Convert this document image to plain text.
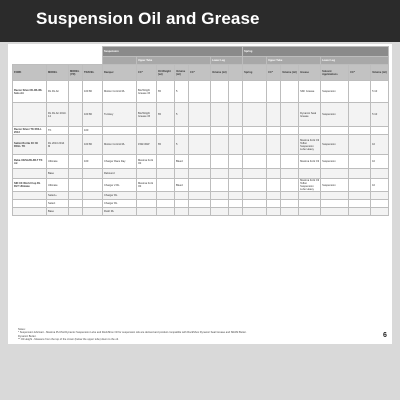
Suspension Oil and Grease
				Suspension							Spring						
					Upper Tube				Lower Leg			Upper Tube			Lower Leg		
FORK	MODEL	MODEL (YR)	TRAVEL	Damper	CC*	Oil Weight (wt)	Volume (ml)	CC*	Volume (ml)		Spring	CC*	Volume (ml)	Grease	Solvent Applications	CC*	Volume (ml)
Recon Silver RL/RL/RL Solo Air	RL RL Air		100 80	Motion Control RL	BoxWright Grease 15	65	5							SKF Grease	Suspension		5 10
	RL RL Air 2013-14		100 80	Turnkey	BoxWright Grease 15	65	5							Dynamic Seal Grease	Suspension		5 10
Recon Silver TK ROLL 2013	TK		100														
Sektor/Fortia XC 30 ROLL TK	RL 2013 2014 M		100 80	Motion Control RL	15W-30W	65	5							Maxima Fork Oil Teflon Suspension Lube Heavy	Suspension		10
Reba XX/SL/RL/RLT TK Air	Ultimate		100	Charger Race Day	Maxima Fork Oil		Bleed							Maxima Fork Oil	Suspension		10
	Base			Rebound													
SID XX World Cup RL RLT Ultimate	Ultimate			Charger 2 RL	Maxima Fork Oil		Bleed							Maxima Fork Oil Teflon Suspension Lube Heavy	Suspension		10
	Select+			Charger RL													
	Select			Charger RL													
	Base			Rush RL													
Notes:
* Suspension lubricant - Maxima PLUSH Dynamic Suspension Lube and RockShox Oil for suspension oils are derived and product compatible with RockShox Dynamic Seal Grease and SRAM Butter.
Dynamic Butter.
** Oil Height - Measure from the top of the crown (below the upper tube) down to the oil.
6
